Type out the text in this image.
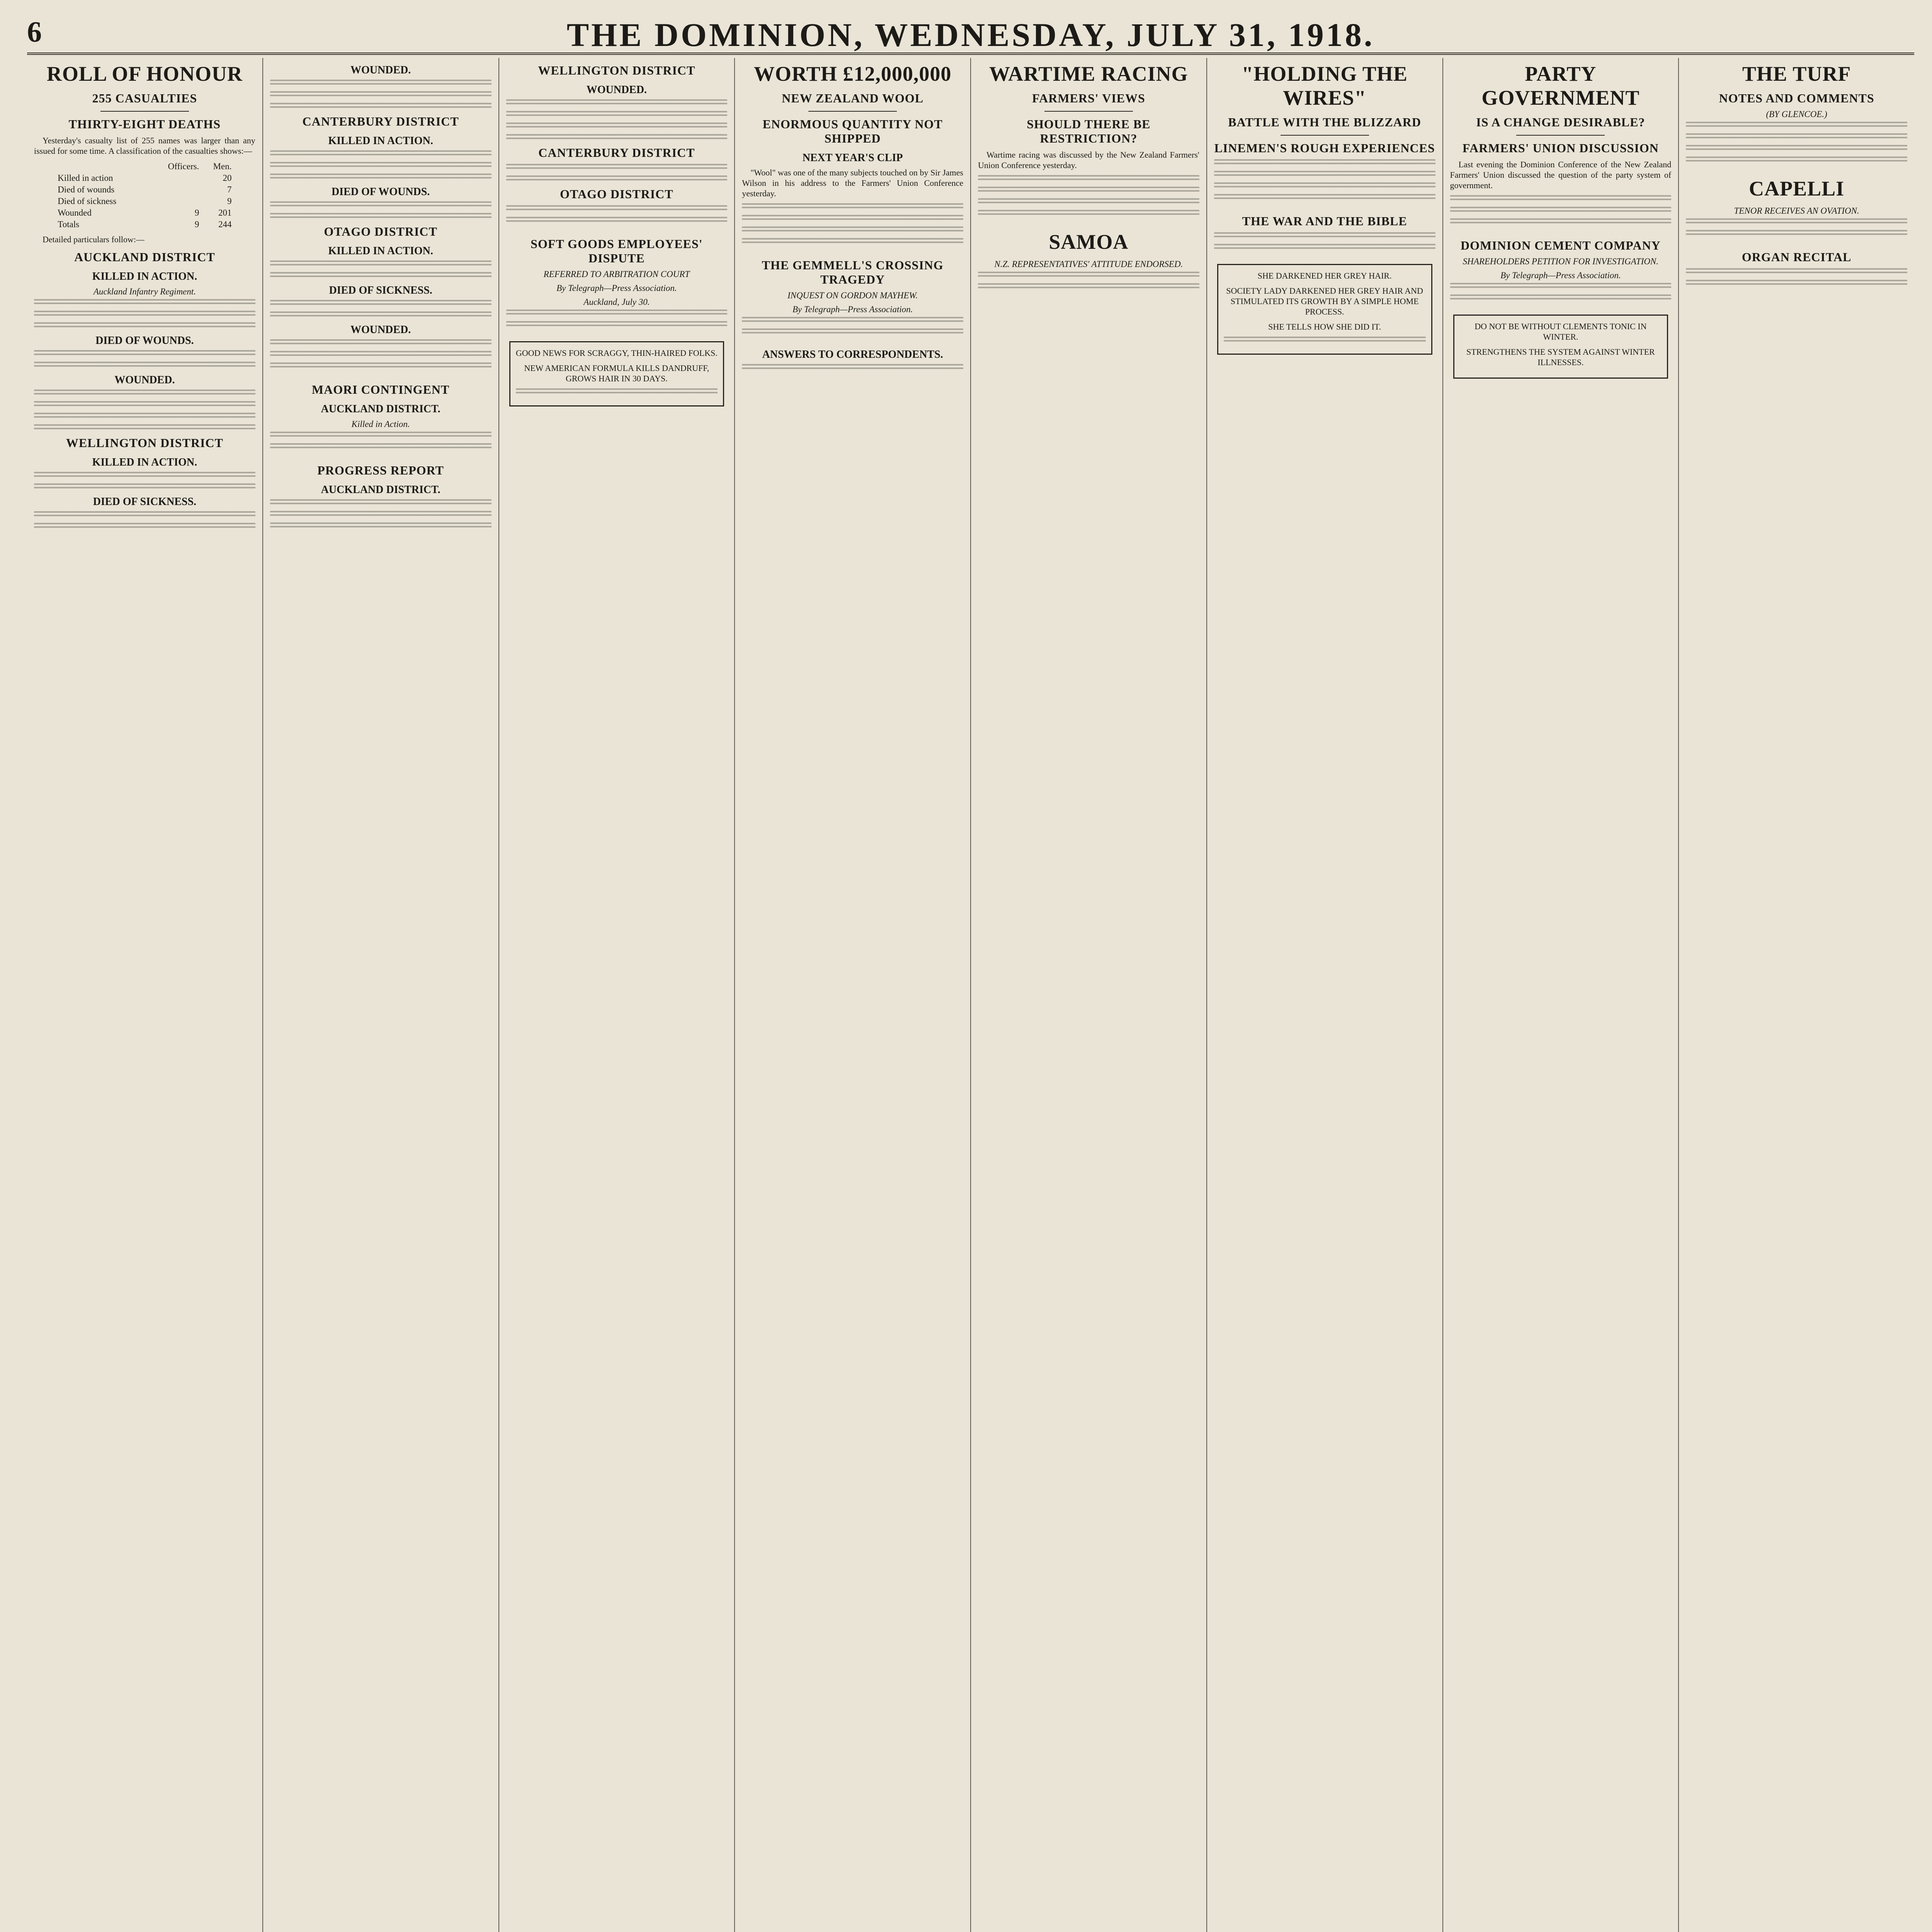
6	THE DOMINION, WEDNESDAY, JULY 31, 1918.
ROLL OF HONOUR
255 CASUALTIES
THIRTY-EIGHT DEATHS

Yesterday's casualty list of 255 names was larger than any issued for some time. A classification of the casualties shows:—

	Officers.	Men.
Killed in action		20
Died of wounds		7
Died of sickness		9
Wounded	9	201
Totals	9	244

Detailed particulars follow:—

AUCKLAND DISTRICT
KILLED IN ACTION.
Auckland Infantry Regiment.
DIED OF WOUNDS.
WOUNDED.
WELLINGTON DISTRICT
KILLED IN ACTION.
DIED OF SICKNESS.
WOUNDED.
CANTERBURY DISTRICT
KILLED IN ACTION.
DIED OF WOUNDS.
OTAGO DISTRICT
KILLED IN ACTION.
DIED OF SICKNESS.
WOUNDED.
MAORI CONTINGENT
AUCKLAND DISTRICT.
Killed in Action.
PROGRESS REPORT
AUCKLAND DISTRICT.
WELLINGTON DISTRICT
WOUNDED.
CANTERBURY DISTRICT
OTAGO DISTRICT
SOFT GOODS EMPLOYEES' DISPUTE
REFERRED TO ARBITRATION COURT
By Telegraph—Press Association.
Auckland, July 30.

GOOD NEWS FOR SCRAGGY, THIN-HAIRED FOLKS.

NEW AMERICAN FORMULA KILLS DANDRUFF, GROWS HAIR IN 30 DAYS.

WORTH £12,000,000
NEW ZEALAND WOOL
ENORMOUS QUANTITY NOT SHIPPED
NEXT YEAR'S CLIP

"Wool" was one of the many subjects touched on by Sir James Wilson in his address to the Farmers' Union Conference yesterday.

THE GEMMELL'S CROSSING TRAGEDY
INQUEST ON GORDON MAYHEW.
By Telegraph—Press Association.
ANSWERS TO CORRESPONDENTS.
WARTIME RACING
FARMERS' VIEWS
SHOULD THERE BE RESTRICTION?

Wartime racing was discussed by the New Zealand Farmers' Union Conference yesterday.

SAMOA
N.Z. REPRESENTATIVES' ATTITUDE ENDORSED.
"HOLDING THE WIRES"
BATTLE WITH THE BLIZZARD
LINEMEN'S ROUGH EXPERIENCES
THE WAR AND THE BIBLE

SHE DARKENED HER GREY HAIR.

SOCIETY LADY DARKENED HER GREY HAIR AND STIMULATED ITS GROWTH BY A SIMPLE HOME PROCESS.

SHE TELLS HOW SHE DID IT.

PARTY GOVERNMENT
IS A CHANGE DESIRABLE?
FARMERS' UNION DISCUSSION

Last evening the Dominion Conference of the New Zealand Farmers' Union discussed the question of the party system of government.

DOMINION CEMENT COMPANY
SHAREHOLDERS PETITION FOR INVESTIGATION.
By Telegraph—Press Association.

DO NOT BE WITHOUT CLEMENTS TONIC IN WINTER.

STRENGTHENS THE SYSTEM AGAINST WINTER ILLNESSES.

THE TURF
NOTES AND COMMENTS
(BY GLENCOE.)
CAPELLI
TENOR RECEIVES AN OVATION.
ORGAN RECITAL
